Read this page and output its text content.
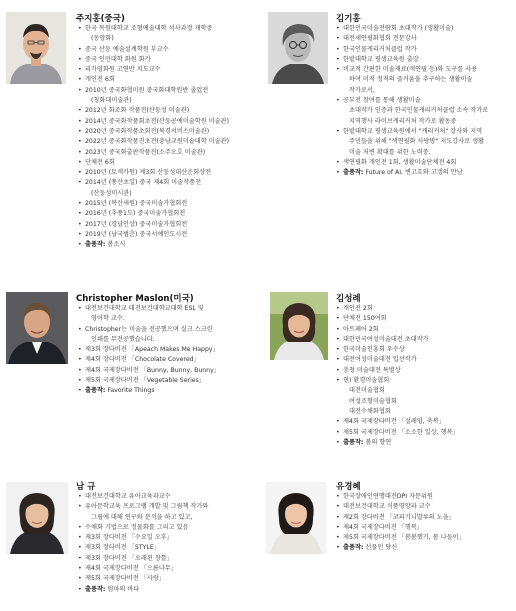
주지홍(중국)
• 한국 목원대학교 조형예술대학 석사과정 재학중
(동양화)
• 중국 산둥 예술설계학원 부교수
• 중국 인민대학 화원 화가
• 리가영화원 고연반 지도교수
• 개인전 6회
• 2010년 중국화협미원 중국화대학원반 졸업전
(칭화대미술관)
• 2012년 화조화 작품전(산둥성 미술관)
• 2014년 중국화작품회초전(산둥공예미술학원 미술관)
• 2020년 중국화작품초회전(북경서비스미술관)
• 2022년 중국화작품진초전(충남교원미술대학 미술관)
• 2023년 중국화출판작품전(소주오호 미술관)
• 단체전 6회
• 2010년 (토색가원) 제3회 산둥성대산운회상전
• 2014년 (풍산초일) 중국 제4회 미술작품전
(산둥성미시관)
• 2015년 (복산세원) 중국미술가협회전
• 2016년 (추풍1도) 중국미술가협회전
• 2017년 (경남인상) 중국미술가협회전
• 2019년 (남국범춘) 중국서예인도시전
• 출품작: 봄소식
김기홍
• 대한민국미술전람회 초대작가 (생활미술)
• 대전세연필화협회 전문강사
• 한국인물캐리커처클럽 작가
• 한밭대학교 평생교육원 출강
• 비교적 간편한 미술재료(색연필 등)와 도구를 사용
하여 미적 정적의 즐거움을 추구하는 생활미술
작가로서,
• 공부전 참여를 통해 생활미술
초대작가 인증과 한국인물캐리커처클럽 소속 작가로
지역행사 라이브캐리커처 작가로 활동중
• 한밭대학교 평생교육원에서 "캐리커처" 강사와 지역
주민들을 위해 "색연필화 사랑방" 지도강사로 생활
미술 저변 확대를 위한 노력중.
• 색연필화 개인전 1회, 생활미술단체전 4회
• 출품작: Future of AI, 변고흐와 고갱의 만남
Christopher Maslon(미국)
• 대전보건대학교 대전보건대학교대학 ESL 및
영어학 교수.
• Christopher는 미술을 전공했으며 실크 스크린
인쇄를 무전공했습니다.
• 제3회 장다비전 「Apeach Makes Me Happy」
• 제4회 장다비전 「Chocolate Covered」
• 제4회 국제장다비전 「Bunny, Bunny, Bunny」
• 제5회 국제장다비전 「Vegetable Series」
• 출품작: Favorite Things
김성례
• 개인전 2회
• 단체전 150여회
• 아트페어 2회
• 대한민국여성미술대전 초대작가
• 한국미술진흥회 우수상
• 대전여성미술대전 입선작가
• 충청 미술대전 특별상
• 현) 환경미술협회
대전미술협회
여성조형미술협회
대전수채화협회
• 제4회 국제장다비전 「설레임, 축복」
• 제5회 국제장다비전 「소소한 일상, 행복」
• 출품작: 봄의 향연
남 규
• 대전보건대학교 유아교육과교수
• 유아문학교육 프로그램 개발 및 그림책 작가와
그림에 대해 연구와 분석을 하고 있고,
• 수채화 기법으로 정물화를 그리고 있음
• 제3회 장다비전 「수요일 오후」
• 제3회 장다비전 「STYLE」
• 제3회 장다비전 「오래된 창틀」
• 제4회 국제장다비전 「으름나무」
• 제5회 국제장다비전 「사랑」
• 출품작: 엄마의 바다
유경혜
• 한국장애인연맹대전DPI 자문위원
• 대전보건대학교 식품영양과 교수
• 제2회 장다비전 「코피기니발루의 노을」
• 제4회 국제장다비전 「행복」
• 제5회 국제장다비전 「봄봄했기, 봄 나들이」
• 출품작: 선물인 당신
